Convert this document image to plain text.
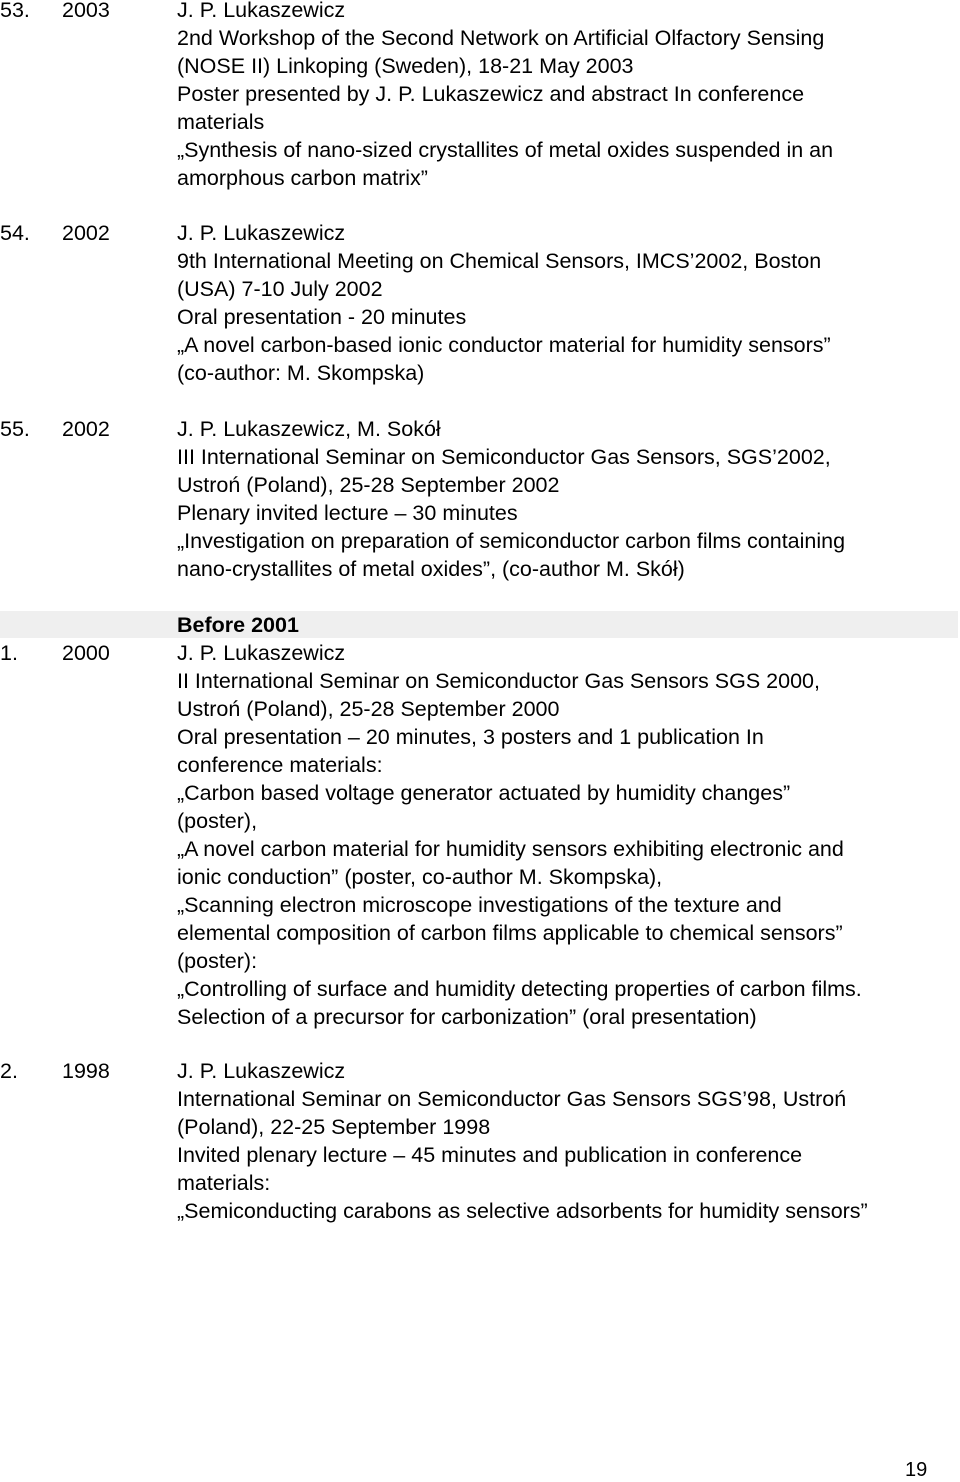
53. 2003	J. P. Lukaszewicz
2nd Workshop of the Second Network on Artificial Olfactory Sensing
(NOSE II) Linkoping (Sweden), 18-21 May 2003
Poster presented by J. P. Lukaszewicz and abstract In conference
materials
„Synthesis of nano-sized crystallites of metal oxides suspended in an
amorphous carbon matrix”
54. 2002	J. P. Lukaszewicz
9th International Meeting on Chemical Sensors, IMCS’2002, Boston
(USA) 7-10 July 2002
Oral presentation - 20 minutes
„A novel carbon-based ionic conductor material for humidity sensors”
(co-author: M. Skompska)
55. 2002	J. P. Lukaszewicz, M. Sokół
III International Seminar on Semiconductor Gas Sensors, SGS’2002,
Ustroń (Poland), 25-28 September 2002
Plenary invited lecture – 30 minutes
„Investigation on preparation of semiconductor carbon films containing
nano-crystallites of metal oxides”, (co-author M. Skół)
Before 2001
1. 2000	J. P. Lukaszewicz
II International Seminar on Semiconductor Gas Sensors SGS 2000,
Ustroń (Poland), 25-28 September 2000
Oral presentation – 20 minutes, 3 posters and 1 publication In
conference materials:
„Carbon based voltage generator actuated by humidity changes”
(poster),
„A novel carbon material for humidity sensors exhibiting electronic and
ionic conduction” (poster, co-author M. Skompska),
„Scanning electron microscope investigations of the texture and
elemental composition of carbon films applicable to chemical sensors”
(poster):
„Controlling of surface and humidity detecting properties of carbon films.
Selection of a precursor for carbonization” (oral presentation)
2. 1998	J. P. Lukaszewicz
International Seminar on Semiconductor Gas Sensors SGS’98, Ustroń
(Poland), 22-25 September 1998
Invited plenary lecture – 45 minutes and publication in conference
materials:
„Semiconducting carabons as selective adsorbents for humidity sensors”
19
